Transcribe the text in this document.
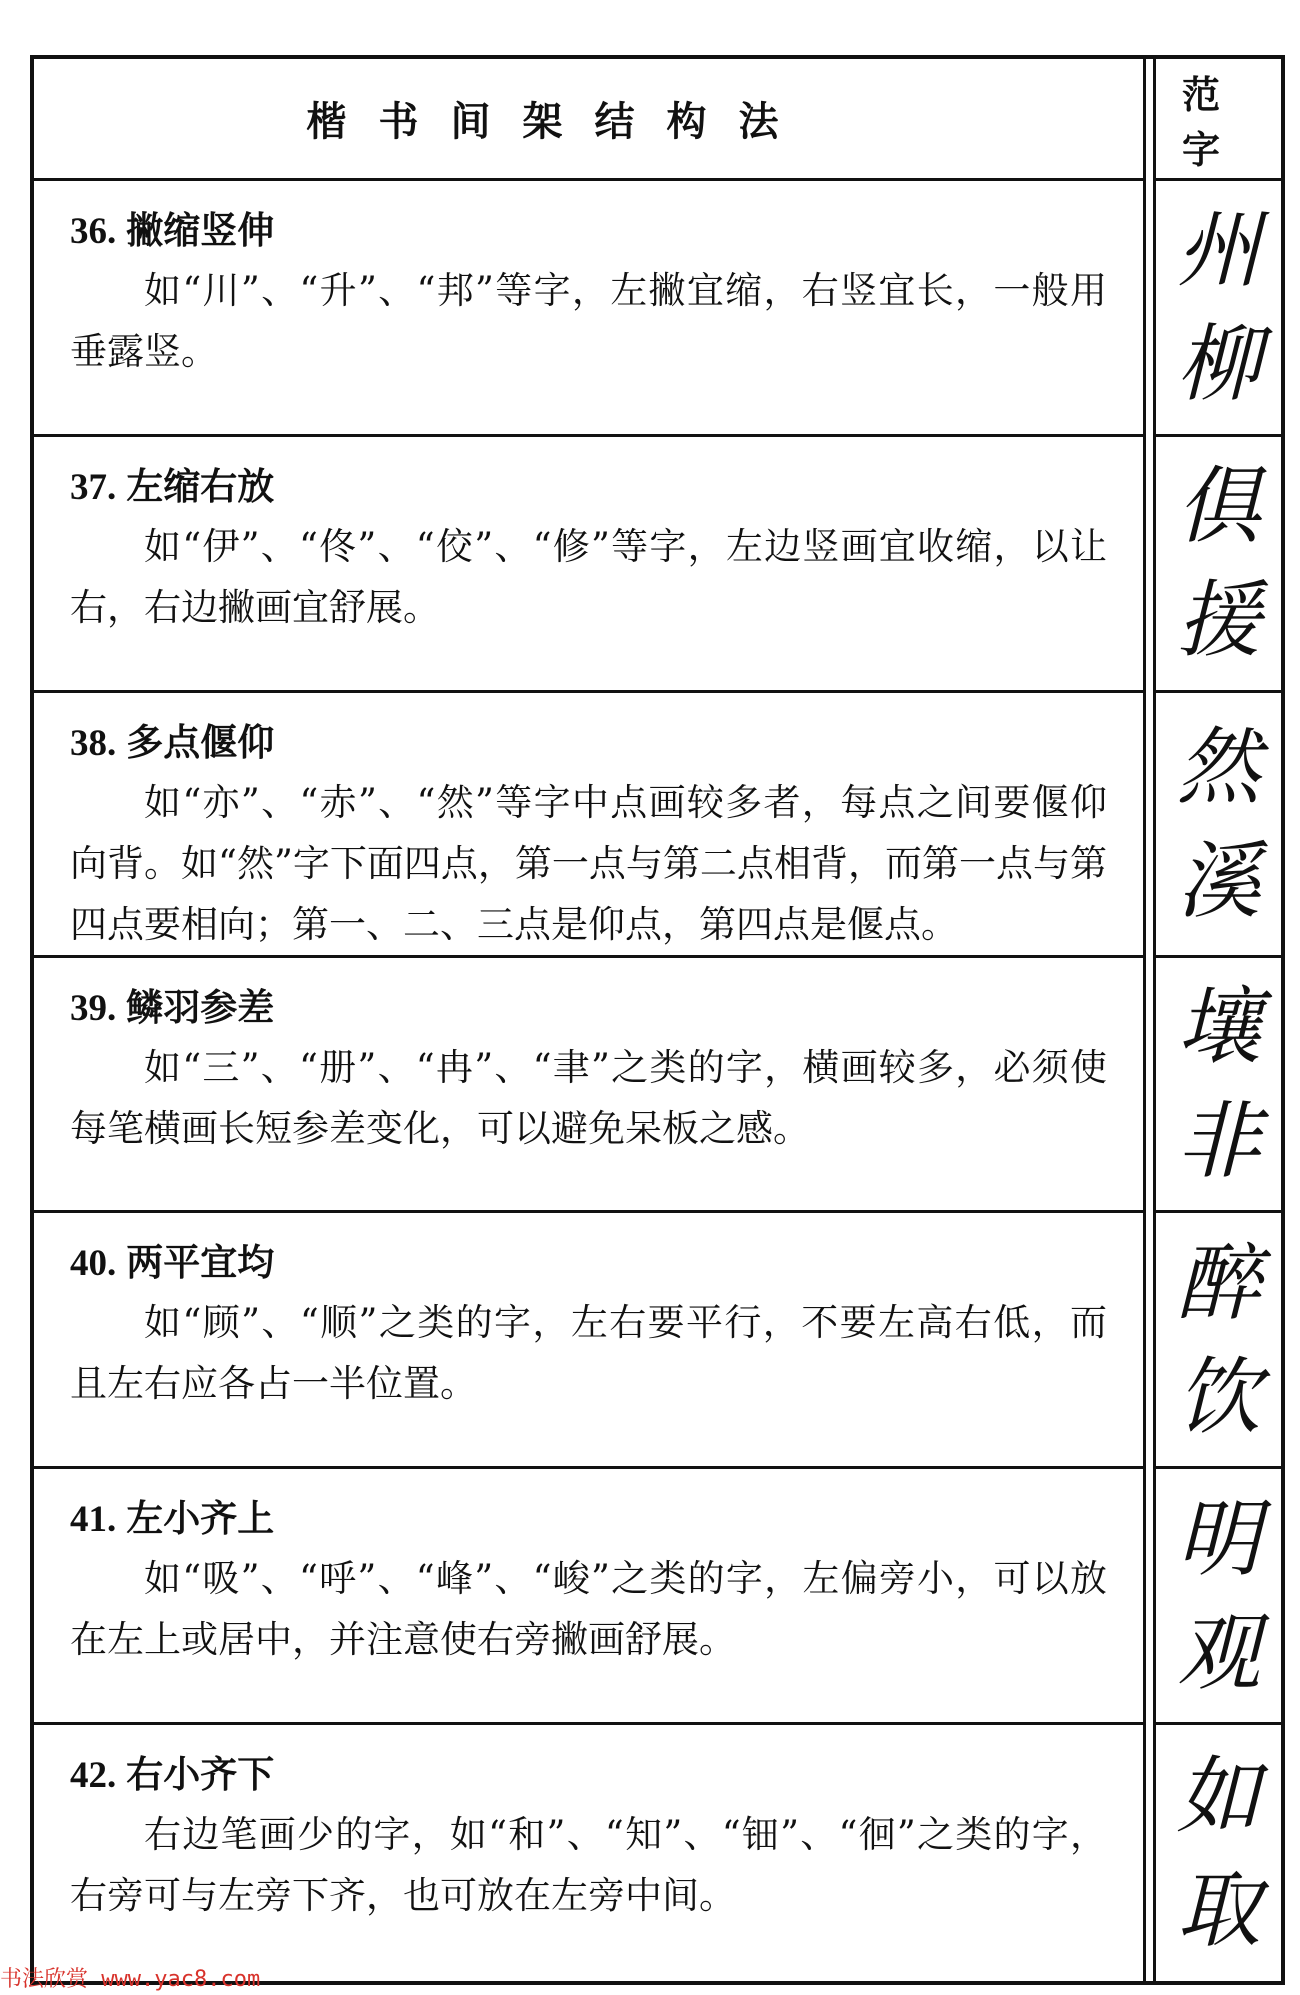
楷书间架结构法
范字
36. 撇缩竖伸
如“川”、“升”、“邦”等字，左撇宜缩，右竖宜长，一般用垂露竖。
州
柳
37. 左缩右放
如“伊”、“佟”、“佼”、“修”等字，左边竖画宜收缩，以让右，右边撇画宜舒展。
俱
援
38. 多点偃仰
如“亦”、“赤”、“然”等字中点画较多者，每点之间要偃仰向背。如“然”字下面四点，第一点与第二点相背，而第一点与第四点要相向；第一、二、三点是仰点，第四点是偃点。
然
溪
39. 鳞羽参差
如“三”、“册”、“冉”、“聿”之类的字，横画较多，必须使每笔横画长短参差变化，可以避免呆板之感。
壤
非
40. 两平宜均
如“顾”、“顺”之类的字，左右要平行，不要左高右低，而且左右应各占一半位置。
醉
饮
41. 左小齐上
如“吸”、“呼”、“峰”、“峻”之类的字，左偏旁小，可以放在左上或居中，并注意使右旁撇画舒展。
明
观
42. 右小齐下
右边笔画少的字，如“和”、“知”、“钿”、“徊”之类的字，右旁可与左旁下齐，也可放在左旁中间。
如
取
书法欣赏 www.yac8.com
